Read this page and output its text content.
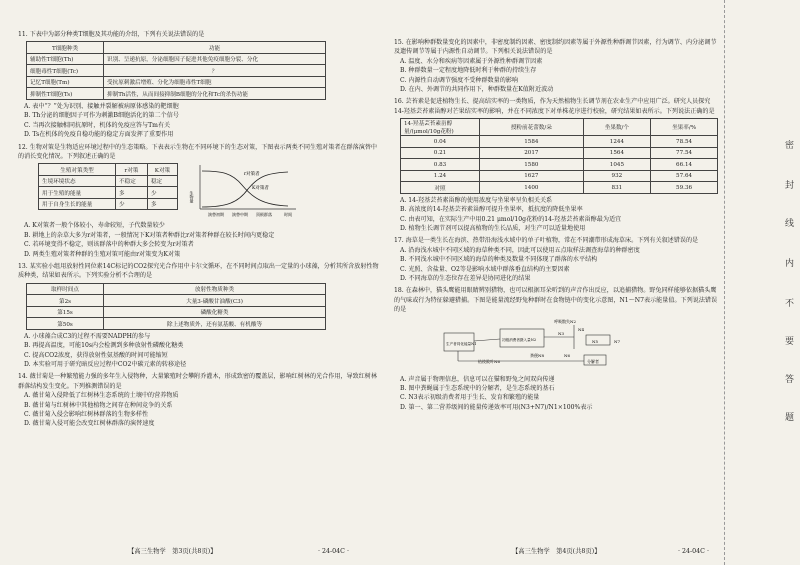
11. 下表中为部分种类T细胞及其功能的介绍，下列有关说法错误的是

T细胞种类	功能
辅助性T细胞(Th)	识别、呈递抗原，分泌细胞因子促进其他免疫细胞分裂、分化
细胞毒性T细胞(Tc)	？
记忆T细胞(Tm)	受抗原刺激后增殖、分化为细胞毒性T细胞
抑制性T细胞(Ts)	抑制Th活性，从而间接抑制B细胞的分化和Tc的杀伤功能

A. 表中“？”处为识别、接触并裂解被病原体感染的靶细胞

B. Th分泌的细胞因子可作为刺激B细胞活化的第二个信号

C. 当再次接触相同抗原时，机体的免疫应答与Tm有关

D. Ts在机体的免疫自稳功能的稳定方面发挥了重要作用

12. 生物对策是生物适应环境过程中的生态策略。下表表示生物在不同环境下的生态对策，下图表示两类不同生殖对策者在群落演替中的消长变化情况。下列叙述正确的是

生殖对策类型	r对策	K对策
生境环境状态	不稳定	稳定
用于生殖的能量	多	少
用于自身生长的能量	少	多
生物量
r对策者
K对策者
演替初期 演替中期 顶极群落	时间

A. K对策者一般个体较小，寿命较短，子代数量较少

B. 耕地上的杂草大多为r对策者，一般情况下K对策者种群比r对策者种群在较长时间内更稳定

C. 若环境变得不稳定，则该群落中的种群大多会转变为r对策者

D. 两类生殖对策者种群的生殖对策可能由r对策变为K对策

13. 某实验小组用放射性同位素14C标记的CO2探究光合作用中卡尔文循环，在不同时间点取出一定量的小球藻，分析其所含放射性物质种类，结果如表所示。下列实验分析不合理的是

取样时间点	放射性物质种类
第2s	大量3-磷酸甘油酸(C3)
第15s	磷酸化糖类
第50s	除上述物质外，还有氨基酸、有机酸等

A. 小球藻合成C3的过程不需要NADPH的参与

B. 再提高温度，可能10s内会检测到多种放射性磷酸化糖类

C. 提高CO2浓度，获得放射性氨基酸的时间可能缩短

D. 本实验可用于研究暗反应过程中CO2中碳元素的转移途径

14. 薇甘菊是一种繁殖能力强的多年生入侵物种，大量繁殖时会攀附乔灌木，形成致密的覆盖层，影响红树林的光合作用，导致红树林群落结构发生变化。下列推测错误的是

A. 薇甘菊入侵降低了红树林生态系统的土壤中的营养物质

B. 薇甘菊与红树林中其他植物之间存在种间竞争的关系

C. 薇甘菊入侵会影响红树林群落的生物多样性

D. 薇甘菊入侵可能会改变红树林群落的演替速度

【高三生物学　第3页(共8页)】	· 24-04C ·

15. 在影响种群数量变化的因素中，非密度制约因素、密度制约因素等属于外源性种群调节因素，行为调节、内分泌调节及遗传调节等属于内源性自动调节。下列相关说法错误的是

A. 温度、水分和疾病等因素属于外源性种群调节因素

B. 种群数量一定程度地降低时利于种群的持续生存

C. 内源性自动调节强度不受种群数量的影响

D. 在内、外调节的共同作用下，种群数量在K值附近波动

16. 芸苔素是促进植物生长、提高结实率的一类物质，作为天然植物生长调节剂在农业生产中应用广泛。研究人员探究14-羟基芸苔素甾醇对芒果结实率的影响，并在不同浓度下对单株花序进行校验，研究结果如表所示。下列说法正确的是

14-羟基芸苔素甾醇量/(μmol/10g花粉)	授粉前花蕾数/朵	坐果数/个	坐果率/%
0.04	1584	1244	78.54
0.21	2017	1564	77.54
0.83	1580	1045	66.14
1.24	1627	932	57.64
对照	1400	831	59.36

A. 14-羟基芸苔素甾醇的使用浓度与坐果率呈负相关关系

B. 高浓度的14-羟基芸苔素甾醇可提升坐果率，抵抗度的降低坐果率

C. 由表可知，在实际生产中用0.21 μmol/10g花粉的14-羟基芸苔素甾醇最为适宜

D. 植物生长调节剂可以提高植物的生长品质，对生产可以适量地使用

17. 海草是一类生长在海滨、热带沿海浅水域中的单子叶植物，常在不同潮带形成海草床。下列有关叙述错误的是

A. 沿海浅水城中不同区域的海草种类不同，因此可以使用五点取样法调查海草的种群密度

B. 不同浅水城中不同区域的海草的种类及数量不同体现了群落的水平结构

C. 光照、含盐量、O2等是影响水域中群落垂直结构的主要因素

D. 不同海草的生态位存在差异是协同进化的结果

18. 在森林中，猫头鹰能用眼睛辨别猎物，也可以根据耳朵听到的声音作出反应，以追捕猎物。野兔同样能够依据猫头鹰的气味或行为特征躲避猎捕。下图是能量流经野兔种群时在食物链中的变化示意图，N1～N7表示能量值。下列说法错误的是

生产者同化能量N1
初级消费者摄入量N2
呼吸散失N2
N3
N4
N5	N7
枯枝败叶N6
粪便N8	N6
分解者

A. 声音属于物理信息，信息可以在猫和野兔之间双向传递

B. 图中粪蝇属于生态系统中的分解者，是生态系统的基石

C. N3表示初级消费者用于生长、发育和繁殖的能量

D. 第一、第二营养级间的能量传递效率可用(N3+N7)/N1×100%表示

【高三生物学　第4页(共8页)】	· 24-04C ·
密
封
线
内
不
要
答
题
